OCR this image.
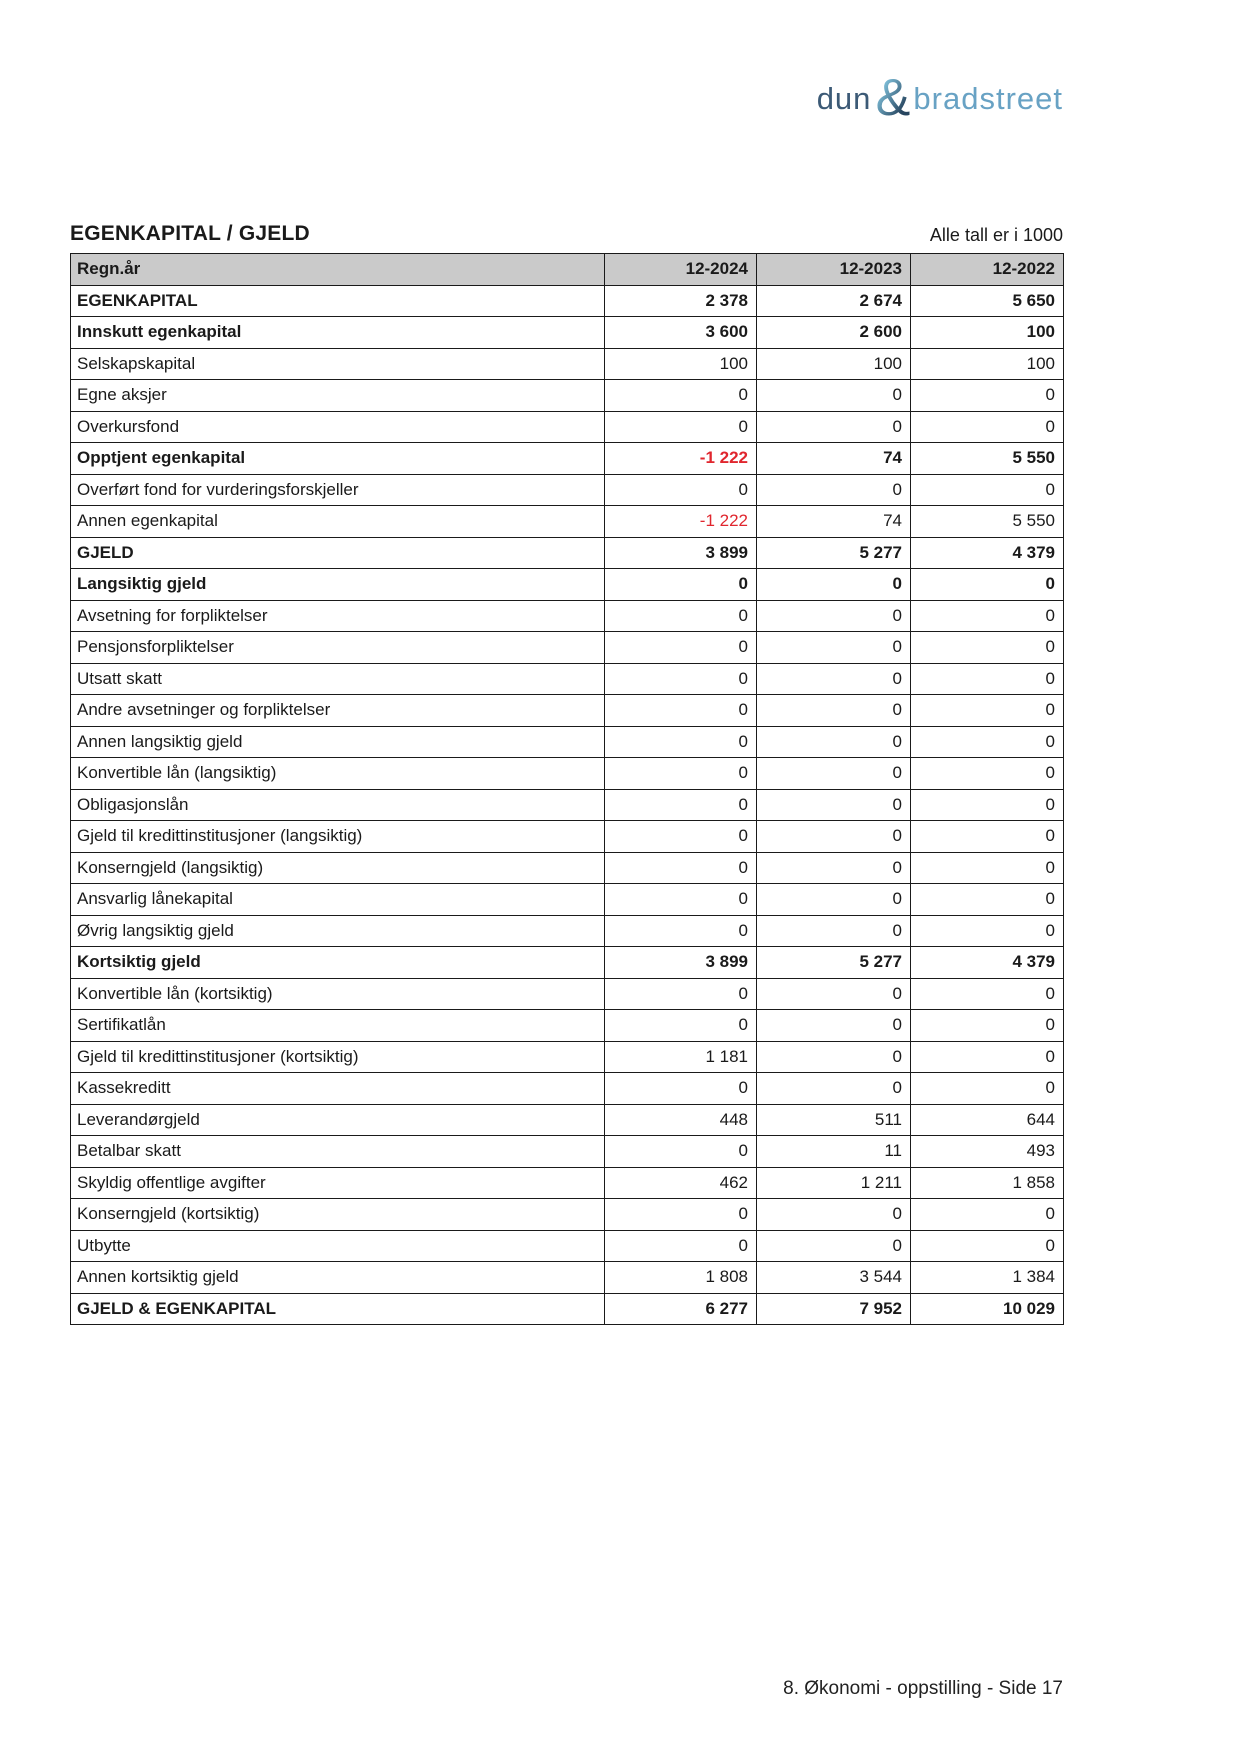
dun & bradstreet
EGENKAPITAL / GJELD	Alle tall er i 1000
Regn.år	12-2024	12-2023	12-2022
EGENKAPITAL	2 378	2 674	5 650
Innskutt egenkapital	3 600	2 600	100
Selskapskapital	100	100	100
Egne aksjer	0	0	0
Overkursfond	0	0	0
Opptjent egenkapital	-1 222	74	5 550
Overført fond for vurderingsforskjeller	0	0	0
Annen egenkapital	-1 222	74	5 550
GJELD	3 899	5 277	4 379
Langsiktig gjeld	0	0	0
Avsetning for forpliktelser	0	0	0
Pensjonsforpliktelser	0	0	0
Utsatt skatt	0	0	0
Andre avsetninger og forpliktelser	0	0	0
Annen langsiktig gjeld	0	0	0
Konvertible lån (langsiktig)	0	0	0
Obligasjonslån	0	0	0
Gjeld til kredittinstitusjoner (langsiktig)	0	0	0
Konserngjeld (langsiktig)	0	0	0
Ansvarlig lånekapital	0	0	0
Øvrig langsiktig gjeld	0	0	0
Kortsiktig gjeld	3 899	5 277	4 379
Konvertible lån (kortsiktig)	0	0	0
Sertifikatlån	0	0	0
Gjeld til kredittinstitusjoner (kortsiktig)	1 181	0	0
Kassekreditt	0	0	0
Leverandørgjeld	448	511	644
Betalbar skatt	0	11	493
Skyldig offentlige avgifter	462	1 211	1 858
Konserngjeld (kortsiktig)	0	0	0
Utbytte	0	0	0
Annen kortsiktig gjeld	1 808	3 544	1 384
GJELD & EGENKAPITAL	6 277	7 952	10 029
8. Økonomi - oppstilling - Side 17
